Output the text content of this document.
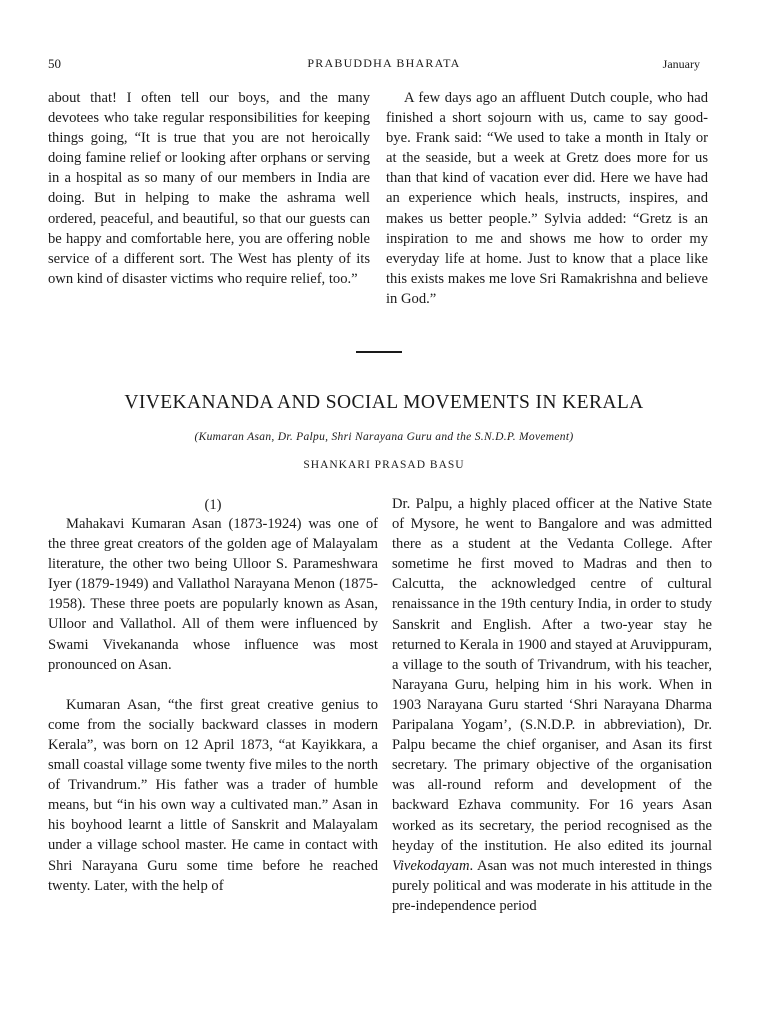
50	PRABUDDHA BHARATA	January

about that! I often tell our boys, and the many devotees who take regular responsibilities for keeping things going, “It is true that you are not heroically doing famine relief or looking after orphans or serving in a hospital as so many of our members in India are doing. But in helping to make the ashrama well ordered, peaceful, and beautiful, so that our guests can be happy and comfortable here, you are offering noble service of a different sort. The West has plenty of its own kind of disaster victims who require relief, too.”

A few days ago an affluent Dutch couple, who had finished a short sojourn with us, came to say good-bye. Frank said: “We used to take a month in Italy or at the seaside, but a week at Gretz does more for us than that kind of vacation ever did. Here we have had an experience which heals, instructs, inspires, and makes us better people.” Sylvia added: “Gretz is an inspiration to me and shows me how to order my everyday life at home. Just to know that a place like this exists makes me love Sri Ramakrishna and believe in God.”

VIVEKANANDA AND SOCIAL MOVEMENTS IN KERALA
(Kumaran Asan, Dr. Palpu, Shri Narayana Guru and the S.N.D.P. Movement)
SHANKARI PRASAD BASU
(1)

Mahakavi Kumaran Asan (1873-1924) was one of the three great creators of the golden age of Malayalam literature, the other two being Ulloor S. Parameshwara Iyer (1879-1949) and Vallathol Narayana Menon (1875-1958). These three poets are popularly known as Asan, Ulloor and Vallathol. All of them were influenced by Swami Vivekananda whose influence was most pronounced on Asan.

Kumaran Asan, “the first great creative genius to come from the socially backward classes in modern Kerala”, was born on 12 April 1873, “at Kayikkara, a small coastal village some twenty five miles to the north of Trivandrum.” His father was a trader of humble means, but “in his own way a cultivated man.” Asan in his boyhood learnt a little of Sanskrit and Malayalam under a village school master. He came in contact with Shri Narayana Guru some time before he reached twenty. Later, with the help of

Dr. Palpu, a highly placed officer at the Native State of Mysore, he went to Bangalore and was admitted there as a student at the Vedanta College. After sometime he first moved to Madras and then to Calcutta, the acknowledged centre of cultural renaissance in the 19th century India, in order to study Sanskrit and English. After a two-year stay he returned to Kerala in 1900 and stayed at Aruvippuram, a village to the south of Trivandrum, with his teacher, Narayana Guru, helping him in his work. When in 1903 Narayana Guru started ‘Shri Narayana Dharma Paripalana Yogam’, (S.N.D.P. in abbreviation), Dr. Palpu became the chief organiser, and Asan its first secretary. The primary objective of the organisation was all-round reform and development of the backward Ezhava community. For 16 years Asan worked as its secretary, the period recognised as the heyday of the institution. He also edited its journal Vivekodayam. Asan was not much interested in things purely political and was moderate in his attitude in the pre-independence period
